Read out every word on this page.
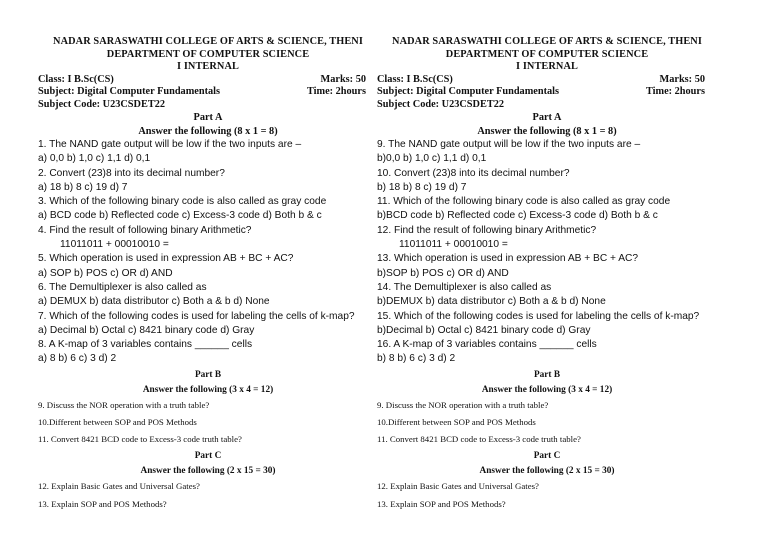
NADAR SARASWATHI COLLEGE OF ARTS & SCIENCE, THENI
DEPARTMENT OF COMPUTER SCIENCE
I INTERNAL
Class: I B.Sc(CS)	Marks: 50
Subject: Digital Computer Fundamentals	Time: 2hours
Subject Code: U23CSDET22
Part A
Answer the following (8 x 1 = 8)
1. The NAND gate output will be low if the two inputs are –
a) 0,0 b) 1,0 c) 1,1 d) 0,1
2. Convert (23)8 into its decimal number?
a) 18 b) 8 c) 19 d) 7
3. Which of the following binary code is also called as gray code
a) BCD code b) Reflected code c) Excess-3 code d) Both b & c
4. Find the result of following binary Arithmetic?
11011011 + 00010010 =
5. Which operation is used in expression AB + BC + AC?
a) SOP b) POS c) OR d) AND
6. The Demultiplexer is also called as
a) DEMUX b) data distributor c) Both a & b d) None
7. Which of the following codes is used for labeling the cells of k-map?
a) Decimal b) Octal c) 8421 binary code d) Gray
8. A K-map of 3 variables contains ______ cells
a) 8 b) 6 c) 3 d) 2
Part B
Answer the following (3 x 4 = 12)
9. Discuss the NOR operation with a truth table?
10.Different between SOP and POS Methods
11. Convert 8421 BCD code to Excess-3 code truth table?
Part C
Answer the following (2 x 15 = 30)
12. Explain Basic Gates and Universal Gates?
13. Explain SOP and POS Methods?
NADAR SARASWATHI COLLEGE OF ARTS & SCIENCE, THENI
DEPARTMENT OF COMPUTER SCIENCE
I INTERNAL
Class: I B.Sc(CS)	Marks: 50
Subject: Digital Computer Fundamentals	Time: 2hours
Subject Code: U23CSDET22
Part A
Answer the following (8 x 1 = 8)
9. The NAND gate output will be low if the two inputs are –
b)0,0 b) 1,0 c) 1,1 d) 0,1
10. Convert (23)8 into its decimal number?
b) 18 b) 8 c) 19 d) 7
11. Which of the following binary code is also called as gray code
b)BCD code b) Reflected code c) Excess-3 code d) Both b & c
12. Find the result of following binary Arithmetic?
11011011 + 00010010 =
13. Which operation is used in expression AB + BC + AC?
b)SOP b) POS c) OR d) AND
14. The Demultiplexer is also called as
b)DEMUX b) data distributor c) Both a & b d) None
15. Which of the following codes is used for labeling the cells of k-map?
b)Decimal b) Octal c) 8421 binary code d) Gray
16. A K-map of 3 variables contains ______ cells
b) 8 b) 6 c) 3 d) 2
Part B
Answer the following (3 x 4 = 12)
9. Discuss the NOR operation with a truth table?
10.Different between SOP and POS Methods
11. Convert 8421 BCD code to Excess-3 code truth table?
Part C
Answer the following (2 x 15 = 30)
12. Explain Basic Gates and Universal Gates?
13. Explain SOP and POS Methods?
